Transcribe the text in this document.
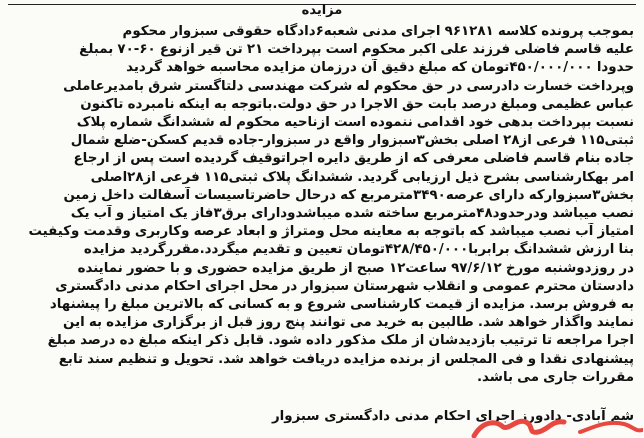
مزایده
بموجب پرونده کلاسه ۹۶۱۲۸۱ اجرای مدنی شعبه۶دادگاه حقوقی سبزوار محکوم
علیه قاسم فاضلی فرزند علی اکبر محکوم است بپرداخت ۲۱ تن قیر ازنوع ۶۰-۷۰ بمبلغ
حدودا ۴۵۰/۰۰۰/۰۰۰تومان که مبلغ دقیق آن درزمان مزایده محاسبه خواهد گردید
وپرداخت خسارت دادرسی در حق محکوم له شرکت مهندسی دلتاگستر شرق بامدیرعاملی
عباس عظیمی ومبلغ درصد بابت حق الاجرا در حق دولت.باتوجه به اینکه نامبرده تاکنون
نسبت بپرداخت بدهی خود اقدامی ننموده است ازناحیه محکوم له ششدانگ شماره پلاک
ثبتی۱۱۵ فرعی از۲۸ اصلی بخش۳سبزوار واقع در سبزوار-جاده قدیم کسکن-ضلع شمال
جاده بنام قاسم فاضلی معرفی که از طریق دایره اجراتوقیف گردیده است پس از ارجاع
امر بهکارشناسی بشرح ذیل ارزیابی گردید. ششدانگ پلاک ثبتی۱۱۵ فرعی از۲۸اصلی
بخش۳سبزوارکه دارای عرصه۳۴۹۰مترمربع که درحال حاضرتاسیسات آسفالت داخل زمین
نصب میباشد ودرحدود۴۸مترمربع ساخته شده میباشدودارای برق۳فاز یک امتیاز و آب یک
امتیاز آب نصب میباشد که باتوجه به معاینه محل ومتراژ و ابعاد عرصه وکاربری وقدمت وکیفیت
بنا ارزش ششدانگ برابربا۴۲۸/۴۵۰/۰۰۰تومان تعیین و تقدیم میگردد.مقررگردید مزایده
در روزدوشنبه مورخ ۹۷/۶/۱۲ ساعت۱۲ صبح از طریق مزایده حضوری و با حضور نماینده
دادستان محترم عمومی و انقلاب شهرستان سبزوار در محل اجرای احکام مدنی دادگستری
به فروش برسد. مزایده از قیمت کارشناسی شروع و به کسانی که بالاترین مبلغ را پیشنهاد
نمایند واگذار خواهد شد. طالبین به خرید می توانند پنج روز قبل از برگزاری مزایده به این
اجرا مراجعه تا ترتیب بازدیدشان از ملک مذکور داده شود. قابل ذکر اینکه مبلغ ده درصد مبلغ
پیشنهادی نقدا و فی المجلس از برنده مزایده دریافت خواهد شد. تحویل و تنظیم سند تابع
مقررات جاری می باشد.
شم آبادی- دادورز اجرای احکام مدنی دادگستری سبزوار
